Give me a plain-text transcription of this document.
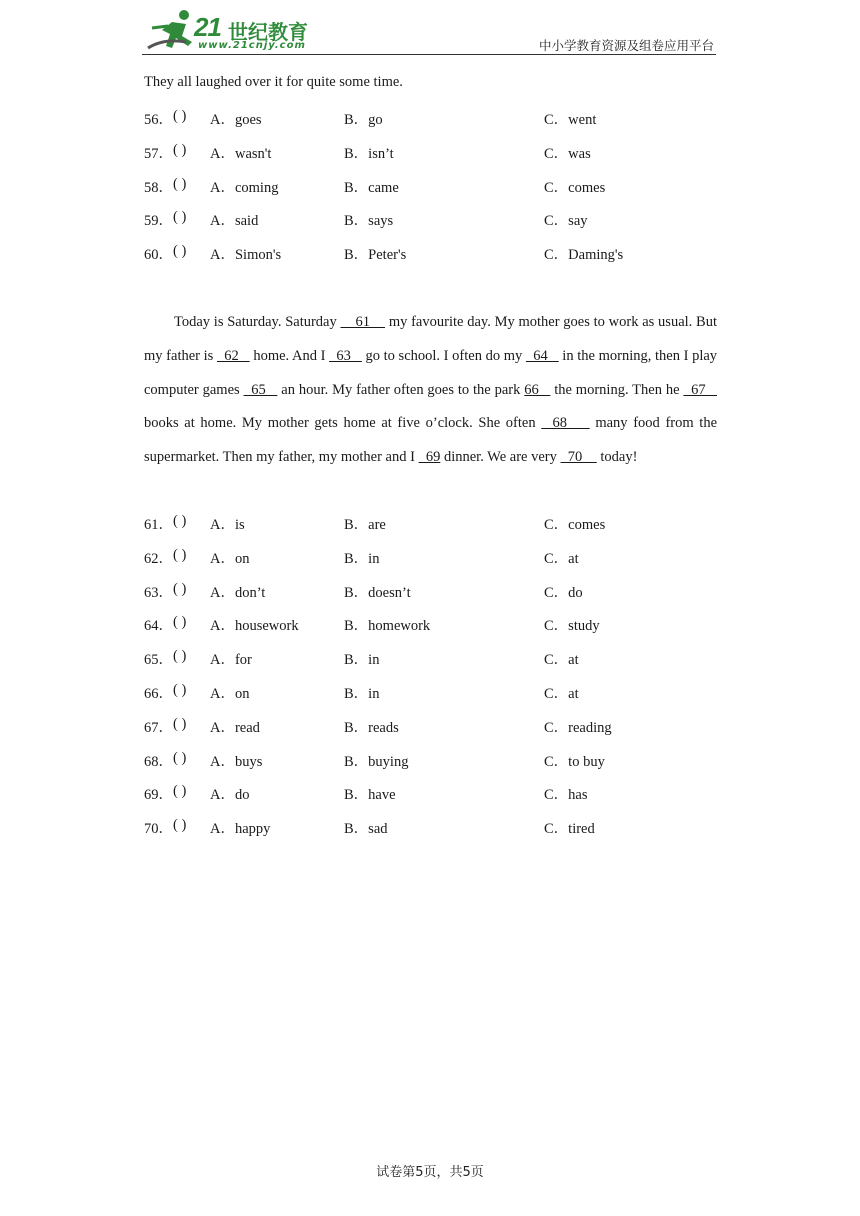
21 世纪教育
www.21cnjy.com	中小学教育资源及组卷应用平台
They all laughed over it for quite some time.
56． ( ) A．goes	B．go	C．went
57． ( ) A．wasn't	B．isn’t	C．was
58． ( ) A．coming	B．came	C．comes
59． ( ) A．said	B．says	C．say
60． ( ) A．Simon's	B．Peter's	C．Daming's
Today is Saturday. Saturday     61     my favourite day. My mother goes to work as usual. But my father is   62    home. And I   63    go to school. I often do my   64    in the morning, then I play computer games   65    an hour. My father often goes to the park 66    the morning. Then he   67    books at home. My mother gets home at five o’clock. She often   68     many food from the supermarket. Then my father, my mother and I   69 dinner. We are very   70     today!
61． ( ) A．is	B．are	C．comes
62． ( ) A．on	B．in	C．at
63． ( ) A．don’t	B．doesn’t	C．do
64． ( ) A．housework	B．homework	C．study
65． ( ) A．for	B．in	C．at
66． ( ) A．on	B．in	C．at
67． ( ) A．read	B．reads	C．reading
68． ( ) A．buys	B．buying	C．to buy
69． ( ) A．do	B．have	C．has
70． ( ) A．happy	B．sad	C．tired
试卷第5页，共5页
